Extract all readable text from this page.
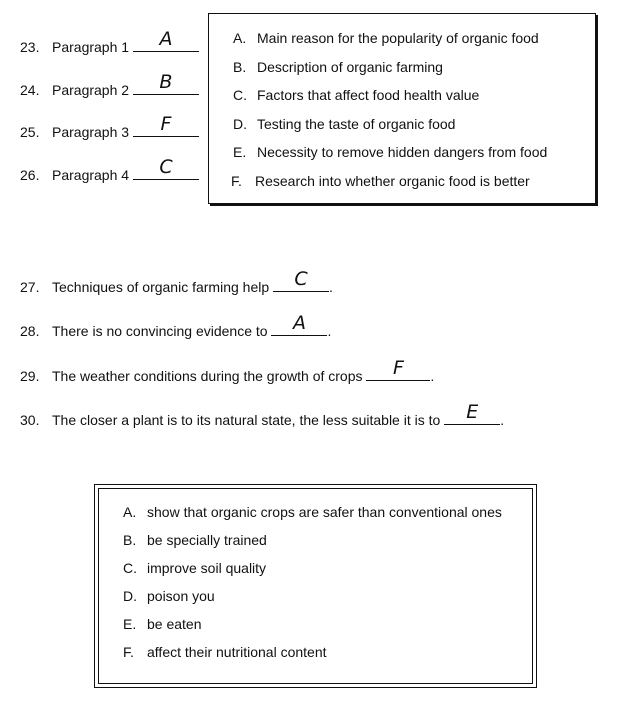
23. Paragraph 1	A
24. Paragraph 2	B
25. Paragraph 3	F
26. Paragraph 4	C
A. Main reason for the popularity of organic food
B. Description of organic farming
C. Factors that affect food health value
D. Testing the taste of organic food
E. Necessity to remove hidden dangers from food
F. Research into whether organic food is better
27. Techniques of organic farming help	C	.
28. There is no convincing evidence to	A	.
29. The weather conditions during the growth of crops	F	.
30. The closer a plant is to its natural state, the less suitable it is to	E	.
A. show that organic crops are safer than conventional ones
B. be specially trained
C. improve soil quality
D. poison you
E. be eaten
F. affect their nutritional content
